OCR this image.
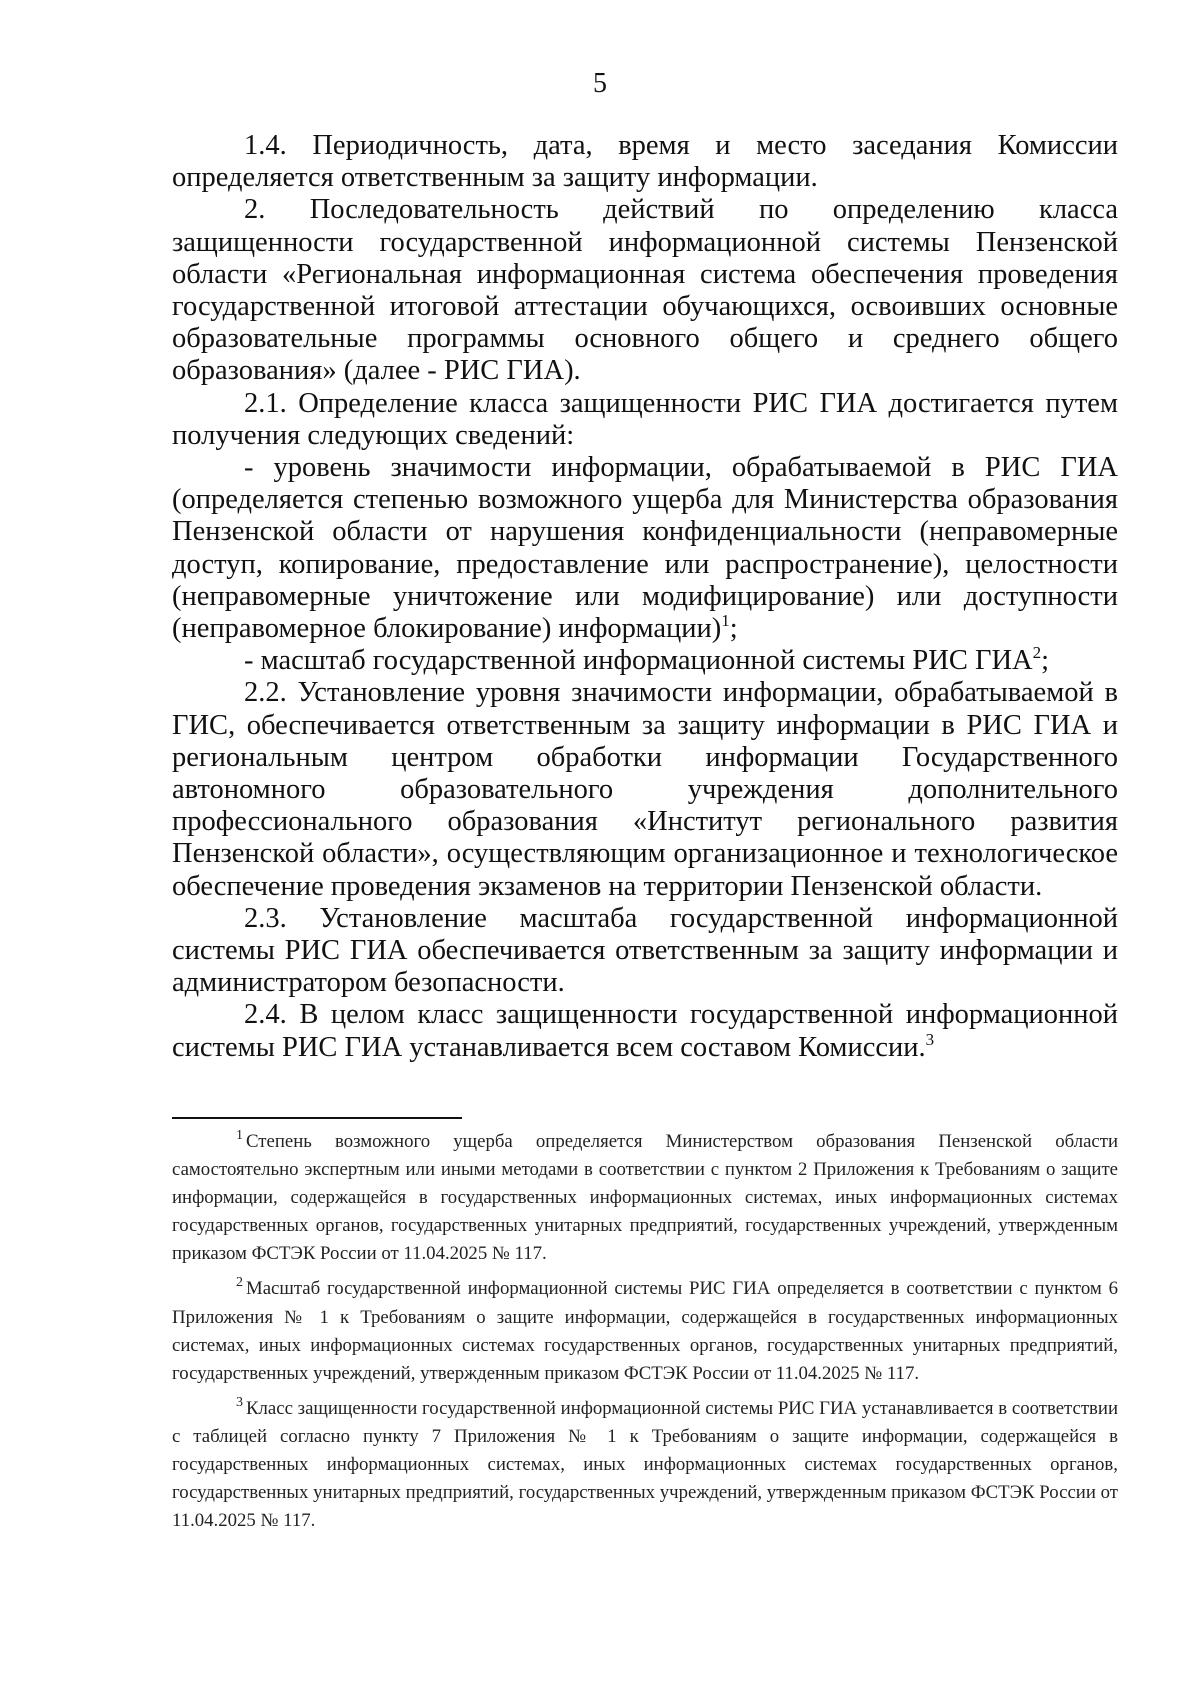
5

1.4. Периодичность, дата, время и место заседания Комиссии определяется ответственным за защиту информации.

2. Последовательность действий по определению класса защищенности государственной информационной системы Пензенской области «Региональная информационная система обеспечения проведения государственной итоговой аттестации обучающихся, освоивших основные образовательные программы основного общего и среднего общего образования» (далее - РИС ГИА).

2.1. Определение класса защищенности РИС ГИА достигается путем получения следующих сведений:

- уровень значимости информации, обрабатываемой в РИС ГИА (определяется степенью возможного ущерба для Министерства образования Пензенской области от нарушения конфиденциальности (неправомерные доступ, копирование, предоставление или распространение), целостности (неправомерные уничтожение или модифицирование) или доступности (неправомерное блокирование) информации)$^1$;

- масштаб государственной информационной системы РИС ГИА$^2$;

2.2. Установление уровня значимости информации, обрабатываемой в ГИС, обеспечивается ответственным за защиту информации в РИС ГИА и региональным центром обработки информации Государственного автономного образовательного учреждения дополнительного профессионального образования «Институт регионального развития Пензенской области», осуществляющим организационное и технологическое обеспечение проведения экзаменов на территории Пензенской области.

2.3. Установление масштаба государственной информационной системы РИС ГИА обеспечивается ответственным за защиту информации и администратором безопасности.

2.4. В целом класс защищенности государственной информационной системы РИС ГИА устанавливается всем составом Комиссии.$^3$

$^1$ Степень возможного ущерба определяется Министерством образования Пензенской области самостоятельно экспертным или иными методами в соответствии с пунктом 2 Приложения к Требованиям о защите информации, содержащейся в государственных информационных системах, иных информационных системах государственных органов, государственных унитарных предприятий, государственных учреждений, утвержденным приказом ФСТЭК России от 11.04.2025 № 117.

$^2$ Масштаб государственной информационной системы РИС ГИА определяется в соответствии с пунктом 6 Приложения № 1 к Требованиям о защите информации, содержащейся в государственных информационных системах, иных информационных системах государственных органов, государственных унитарных предприятий, государственных учреждений, утвержденным приказом ФСТЭК России от 11.04.2025 № 117.

$^3$ Класс защищенности государственной информационной системы РИС ГИА устанавливается в соответствии с таблицей согласно пункту 7 Приложения № 1 к Требованиям о защите информации, содержащейся в государственных информационных системах, иных информационных системах государственных органов, государственных унитарных предприятий, государственных учреждений, утвержденным приказом ФСТЭК России от 11.04.2025 № 117.
